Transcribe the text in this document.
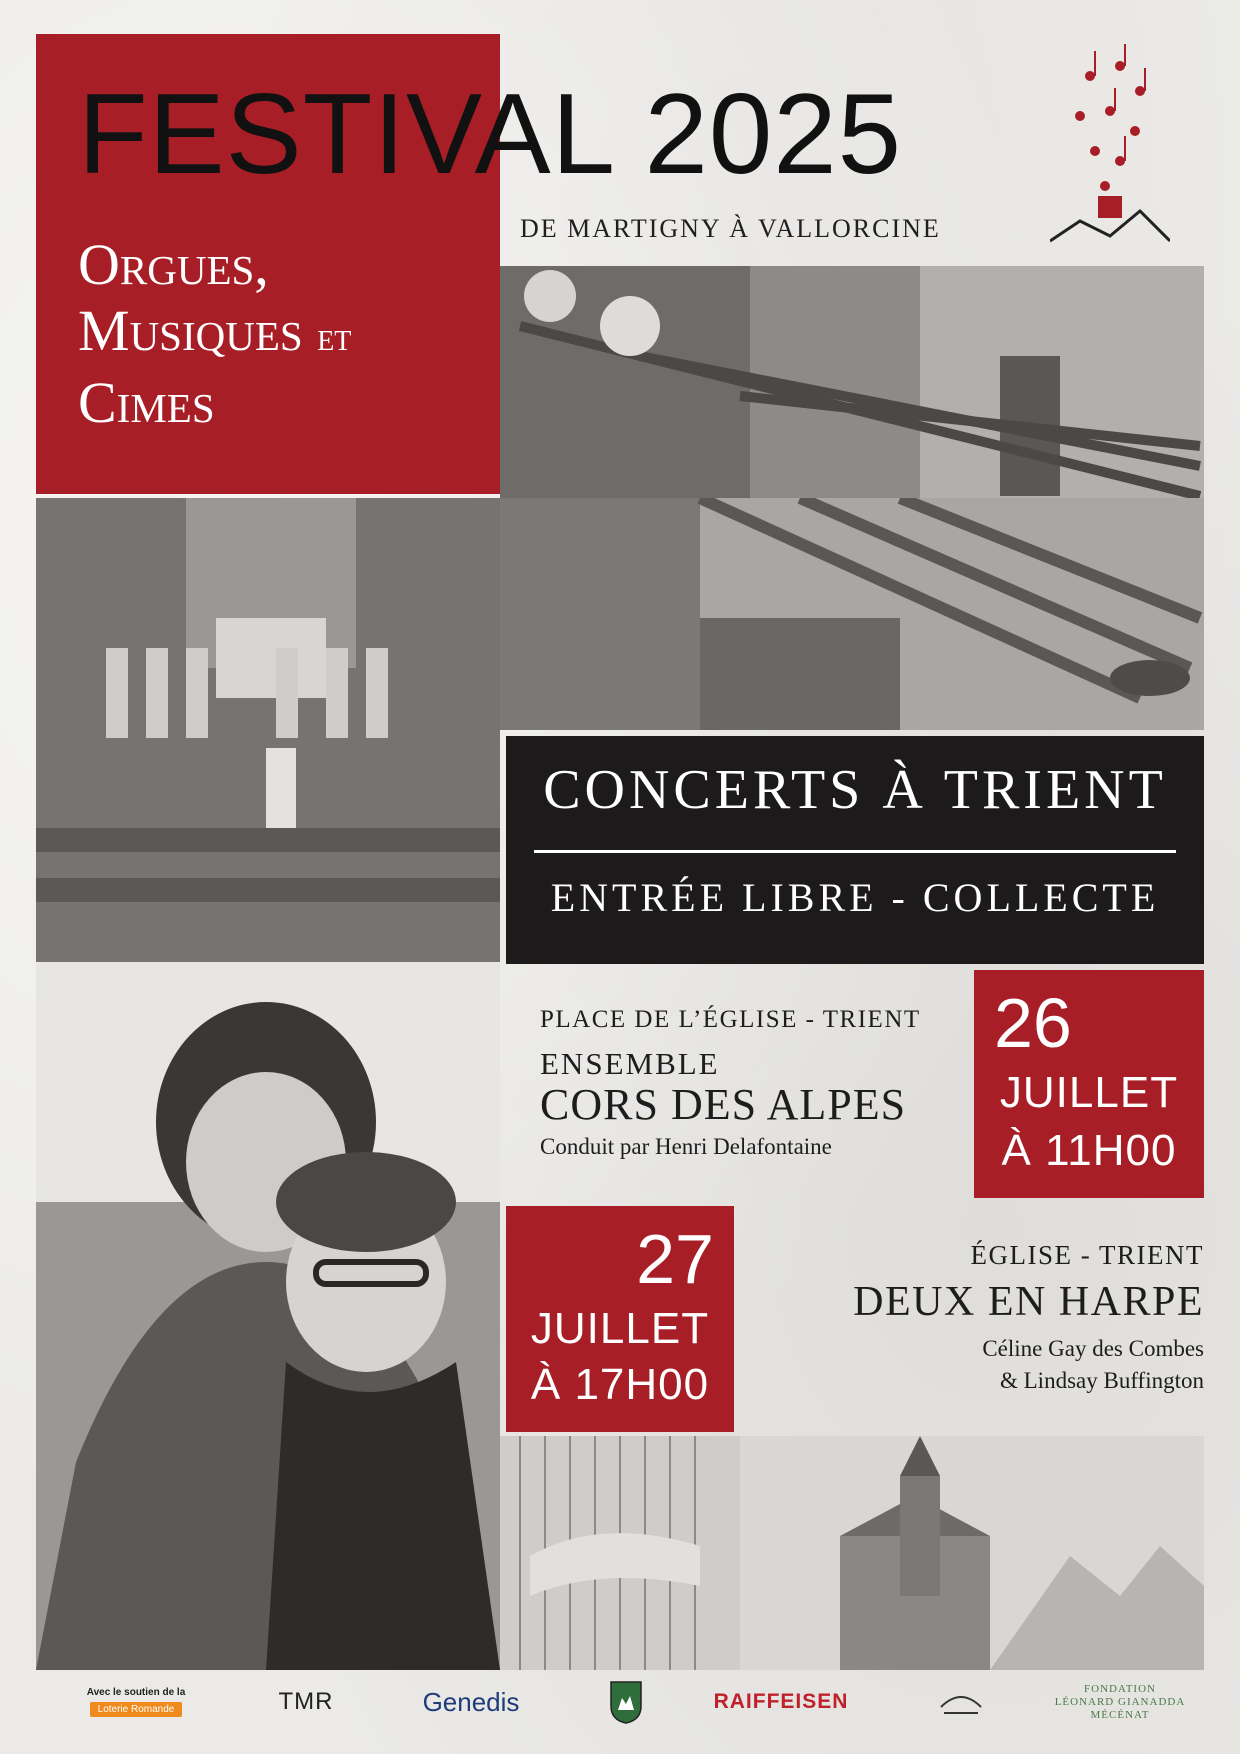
FESTIVAL 2025
DE MARTIGNY À VALLORCINE
Orgues,
Musiques et
Cimes
CONCERTS À TRIENT
ENTRÉE LIBRE - COLLECTE
PLACE DE L’ÉGLISE - TRIENT
ENSEMBLE
CORS DES ALPES
Conduit par Henri Delafontaine
26
JUILLET
À 11H00
27
JUILLET
À 17H00
ÉGLISE - TRIENT
DEUX EN HARPE
Céline Gay des Combes
& Lindsay Buffington
Avec le soutien de la
Loterie Romande	TMR	Genedis	RAIFFEISEN
FONDATION
LÉONARD GIANADDA
MÉCÉNAT
